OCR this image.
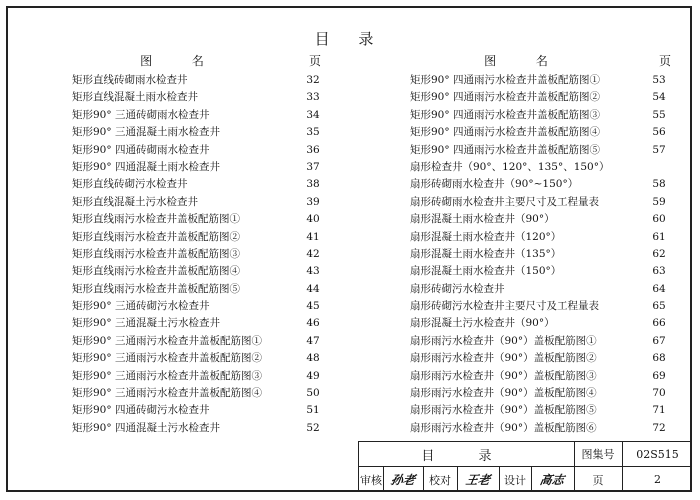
目 录
图 名	页
矩形直线砖砌雨水检查井	32
矩形直线混凝土雨水检查井	33
矩形90° 三通砖砌雨水检查井	34
矩形90° 三通混凝土雨水检查井	35
矩形90° 四通砖砌雨水检查井	36
矩形90° 四通混凝土雨水检查井	37
矩形直线砖砌污水检查井	38
矩形直线混凝土污水检查井	39
矩形直线雨污水检查井盖板配筋图①	40
矩形直线雨污水检查井盖板配筋图②	41
矩形直线雨污水检查井盖板配筋图③	42
矩形直线雨污水检查井盖板配筋图④	43
矩形直线雨污水检查井盖板配筋图⑤	44
矩形90° 三通砖砌污水检查井	45
矩形90° 三通混凝土污水检查井	46
矩形90° 三通雨污水检查井盖板配筋图①	47
矩形90° 三通雨污水检查井盖板配筋图②	48
矩形90° 三通雨污水检查井盖板配筋图③	49
矩形90° 三通雨污水检查井盖板配筋图④	50
矩形90° 四通砖砌污水检查井	51
矩形90° 四通混凝土污水检查井	52
图 名	页
矩形90° 四通雨污水检查井盖板配筋图①	53
矩形90° 四通雨污水检查井盖板配筋图②	54
矩形90° 四通雨污水检查井盖板配筋图③	55
矩形90° 四通雨污水检查井盖板配筋图④	56
矩形90° 四通雨污水检查井盖板配筋图⑤	57
扇形检查井（90°、120°、135°、150°）
扇形砖砌雨水检查井（90°~150°）	58
扇形砖砌雨水检查井主要尺寸及工程量表	59
扇形混凝土雨水检查井（90°）	60
扇形混凝土雨水检查井（120°）	61
扇形混凝土雨水检查井（135°）	62
扇形混凝土雨水检查井（150°）	63
扇形砖砌污水检查井	64
扇形砖砌污水检查井主要尺寸及工程量表	65
扇形混凝土污水检查井（90°）	66
扇形雨污水检查井（90°）盖板配筋图①	67
扇形雨污水检查井（90°）盖板配筋图②	68
扇形雨污水检查井（90°）盖板配筋图③	69
扇形雨污水检查井（90°）盖板配筋图④	70
扇形雨污水检查井（90°）盖板配筋图⑤	71
扇形雨污水检查井（90°）盖板配筋图⑥	72
目 录	图集号	02S515
审核 孙老	校对	王老	设计	高志	页	2
